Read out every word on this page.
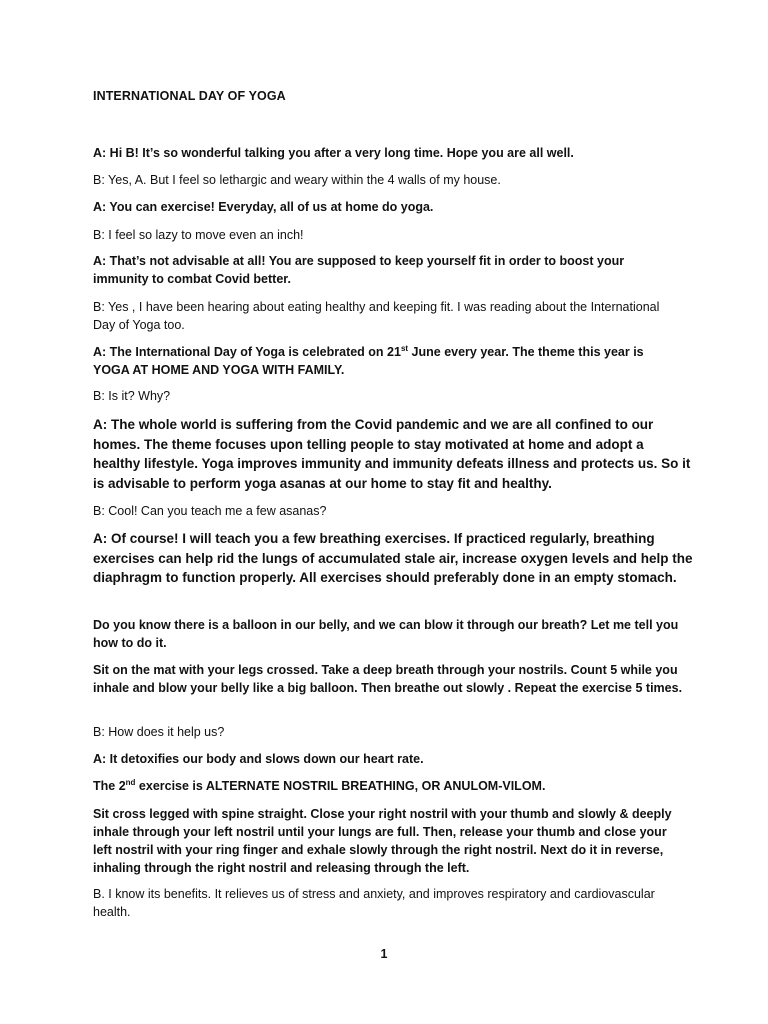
INTERNATIONAL DAY OF YOGA

A: Hi B! It’s so wonderful talking you after a very long time. Hope you are all well.

B: Yes, A. But I feel so lethargic and weary within the 4 walls of my house.

A: You can exercise! Everyday, all of us at home do yoga.

B: I feel so lazy to move even an inch!

A: That’s not advisable at all! You are supposed to keep yourself fit in order to boost your immunity to combat Covid better.

B: Yes , I have been hearing about eating healthy and keeping fit. I was reading about the International Day of Yoga too.

A: The International Day of Yoga is celebrated on 21st June every year. The theme this year is YOGA AT HOME AND YOGA WITH FAMILY.

B: Is it? Why?

A: The whole world is suffering from the Covid pandemic and we are all confined to our homes. The theme focuses upon telling people to stay motivated at home and adopt a healthy lifestyle. Yoga improves immunity and immunity defeats illness and protects us. So it is advisable to perform yoga asanas at our home to stay fit and healthy.

B: Cool! Can you teach me a few asanas?

A: Of course! I will teach you a few breathing exercises. If practiced regularly, breathing exercises can help rid the lungs of accumulated stale air, increase oxygen levels and help the diaphragm to function properly. All exercises should preferably done in an empty stomach.

Do you know there is a balloon in our belly, and we can blow it through our breath? Let me tell you how to do it.

Sit on the mat with your legs crossed. Take a deep breath through your nostrils. Count 5 while you inhale and blow your belly like a big balloon. Then breathe out slowly . Repeat the exercise 5 times.

B: How does it help us?

A: It detoxifies our body and slows down our heart rate.

The 2nd exercise is ALTERNATE NOSTRIL BREATHING, OR ANULOM-VILOM.

Sit cross legged with spine straight. Close your right nostril with your thumb and slowly & deeply inhale through your left nostril until your lungs are full. Then, release your thumb and close your left nostril with your ring finger and exhale slowly through the right nostril. Next do it in reverse, inhaling through the right nostril and releasing through the left.

B. I know its benefits. It relieves us of stress and anxiety, and improves respiratory and cardiovascular health.

1
